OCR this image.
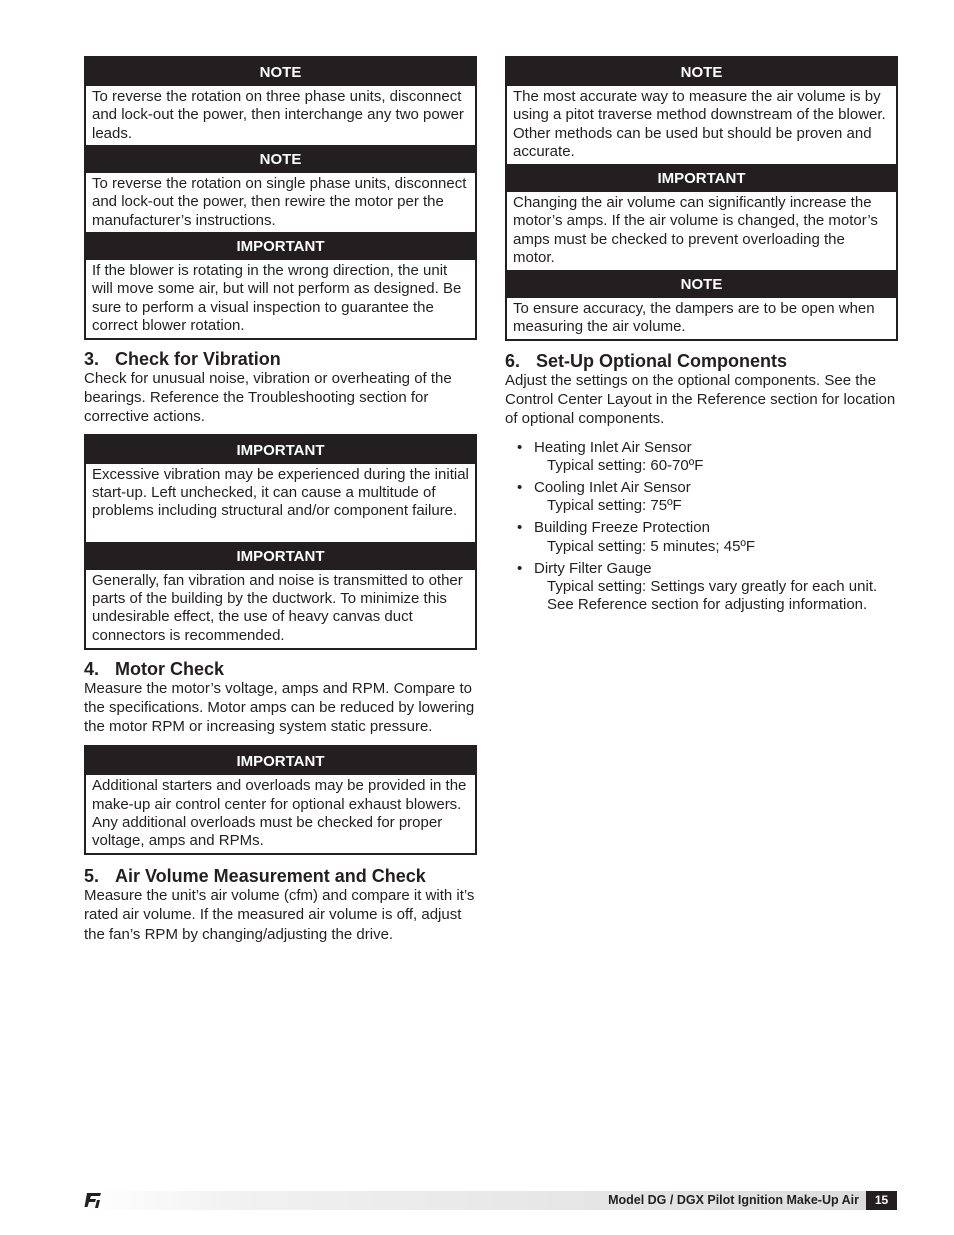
NOTE
To reverse the rotation on three phase units, disconnect and lock-out the power, then interchange any two power leads.
NOTE
To reverse the rotation on single phase units, disconnect and lock-out the power, then rewire the motor per the manufacturer’s instructions.
IMPORTANT
If the blower is rotating in the wrong direction, the unit will move some air, but will not perform as designed. Be sure to perform a visual inspection to guarantee the correct blower rotation.
3. Check for Vibration

Check for unusual noise, vibration or overheating of the bearings. Reference the Troubleshooting section for corrective actions.

IMPORTANT
Excessive vibration may be experienced during the initial start-up. Left unchecked, it can cause a multitude of problems including structural and/or component failure.
IMPORTANT
Generally, fan vibration and noise is transmitted to other parts of the building by the ductwork. To minimize this undesirable effect, the use of heavy canvas duct connectors is recommended.
4. Motor Check

Measure the motor’s voltage, amps and RPM. Compare to the specifications. Motor amps can be reduced by lowering the motor RPM or increasing system static pressure.

IMPORTANT
Additional starters and overloads may be provided in the make-up air control center for optional exhaust blowers. Any additional overloads must be checked for proper voltage, amps and RPMs.
5. Air Volume Measurement and Check

Measure the unit’s air volume (cfm) and compare it with it’s rated air volume. If the measured air volume is off, adjust the fan’s RPM by changing/adjusting the drive.

NOTE
The most accurate way to measure the air volume is by using a pitot traverse method downstream of the blower. Other methods can be used but should be proven and accurate.
IMPORTANT
Changing the air volume can significantly increase the motor’s amps. If the air volume is changed, the motor’s amps must be checked to prevent overloading the motor.
NOTE
To ensure accuracy, the dampers are to be open when measuring the air volume.
6. Set-Up Optional Components

Adjust the settings on the optional components. See the Control Center Layout in the Reference section for location of optional components.

• Heating Inlet Air Sensor
Typical setting: 60-70ºF
• Cooling Inlet Air Sensor
Typical setting: 75ºF
• Building Freeze Protection
Typical setting: 5 minutes; 45ºF
• Dirty Filter Gauge
Typical setting: Settings vary greatly for each unit. See Reference section for adjusting information.
Model DG / DGX Pilot Ignition Make-Up Air	15
